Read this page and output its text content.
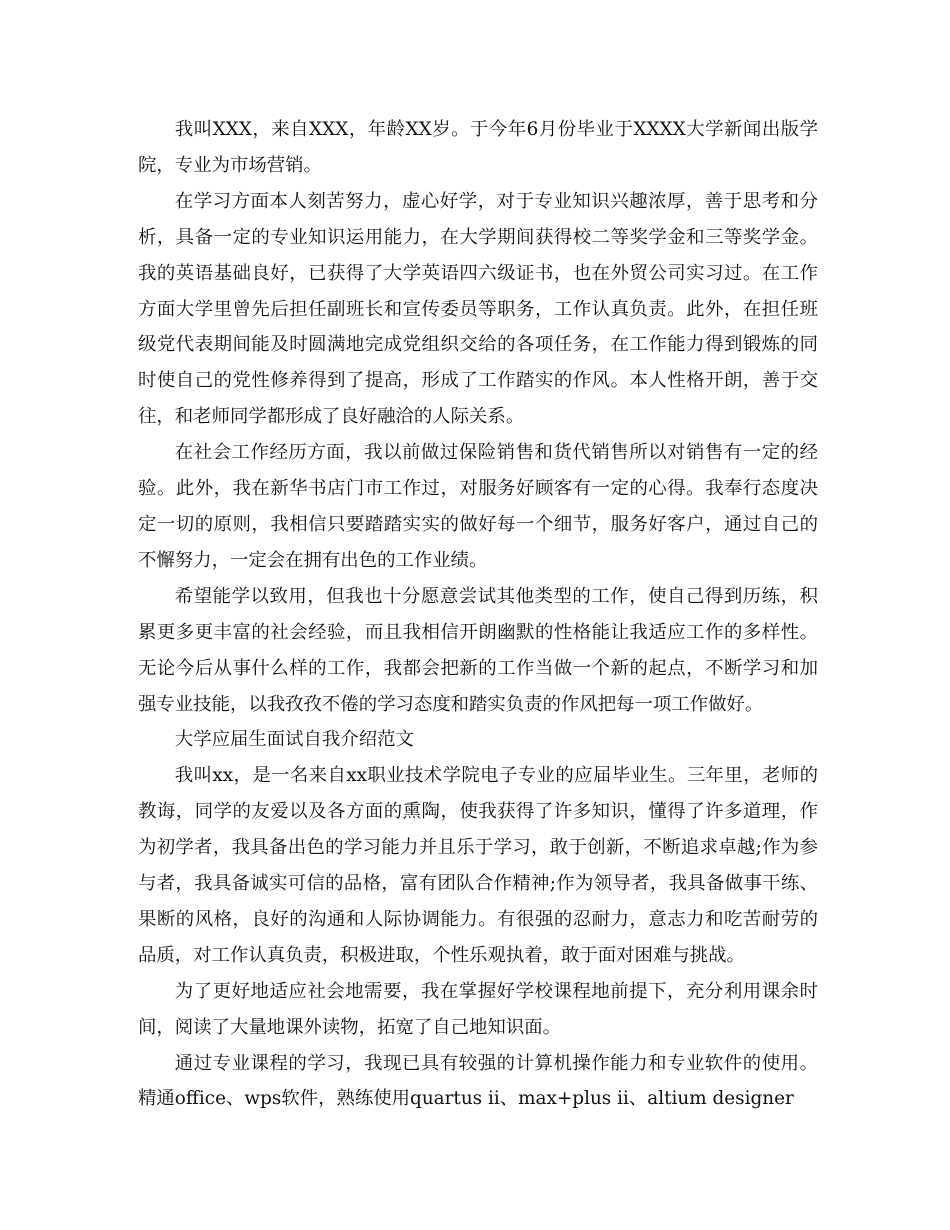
我叫XXX，来自XXX，年龄XX岁。于今年6月份毕业于XXXX大学新闻出版学院，专业为市场营销。

在学习方面本人刻苦努力，虚心好学，对于专业知识兴趣浓厚，善于思考和分析，具备一定的专业知识运用能力，在大学期间获得校二等奖学金和三等奖学金。我的英语基础良好，已获得了大学英语四六级证书，也在外贸公司实习过。在工作方面大学里曾先后担任副班长和宣传委员等职务，工作认真负责。此外，在担任班级党代表期间能及时圆满地完成党组织交给的各项任务，在工作能力得到锻炼的同时使自己的党性修养得到了提高，形成了工作踏实的作风。本人性格开朗，善于交往，和老师同学都形成了良好融洽的人际关系。

在社会工作经历方面，我以前做过保险销售和货代销售所以对销售有一定的经验。此外，我在新华书店门市工作过，对服务好顾客有一定的心得。我奉行态度决定一切的原则，我相信只要踏踏实实的做好每一个细节，服务好客户，通过自己的不懈努力，一定会在拥有出色的工作业绩。

希望能学以致用，但我也十分愿意尝试其他类型的工作，使自己得到历练，积累更多更丰富的社会经验，而且我相信开朗幽默的性格能让我适应工作的多样性。无论今后从事什么样的工作，我都会把新的工作当做一个新的起点，不断学习和加强专业技能，以我孜孜不倦的学习态度和踏实负责的作风把每一项工作做好。

大学应届生面试自我介绍范文

我叫xx，是一名来自xx职业技术学院电子专业的应届毕业生。三年里，老师的教诲，同学的友爱以及各方面的熏陶，使我获得了许多知识，懂得了许多道理，作为初学者，我具备出色的学习能力并且乐于学习，敢于创新，不断追求卓越;作为参与者，我具备诚实可信的品格，富有团队合作精神;作为领导者，我具备做事干练、果断的风格，良好的沟通和人际协调能力。有很强的忍耐力，意志力和吃苦耐劳的品质，对工作认真负责，积极进取，个性乐观执着，敢于面对困难与挑战。

为了更好地适应社会地需要，我在掌握好学校课程地前提下，充分利用课余时间，阅读了大量地课外读物，拓宽了自己地知识面。

通过专业课程的学习，我现已具有较强的计算机操作能力和专业软件的使用。精通office、wps软件，熟练使用quartus ii、max+plus ii、altium designer
